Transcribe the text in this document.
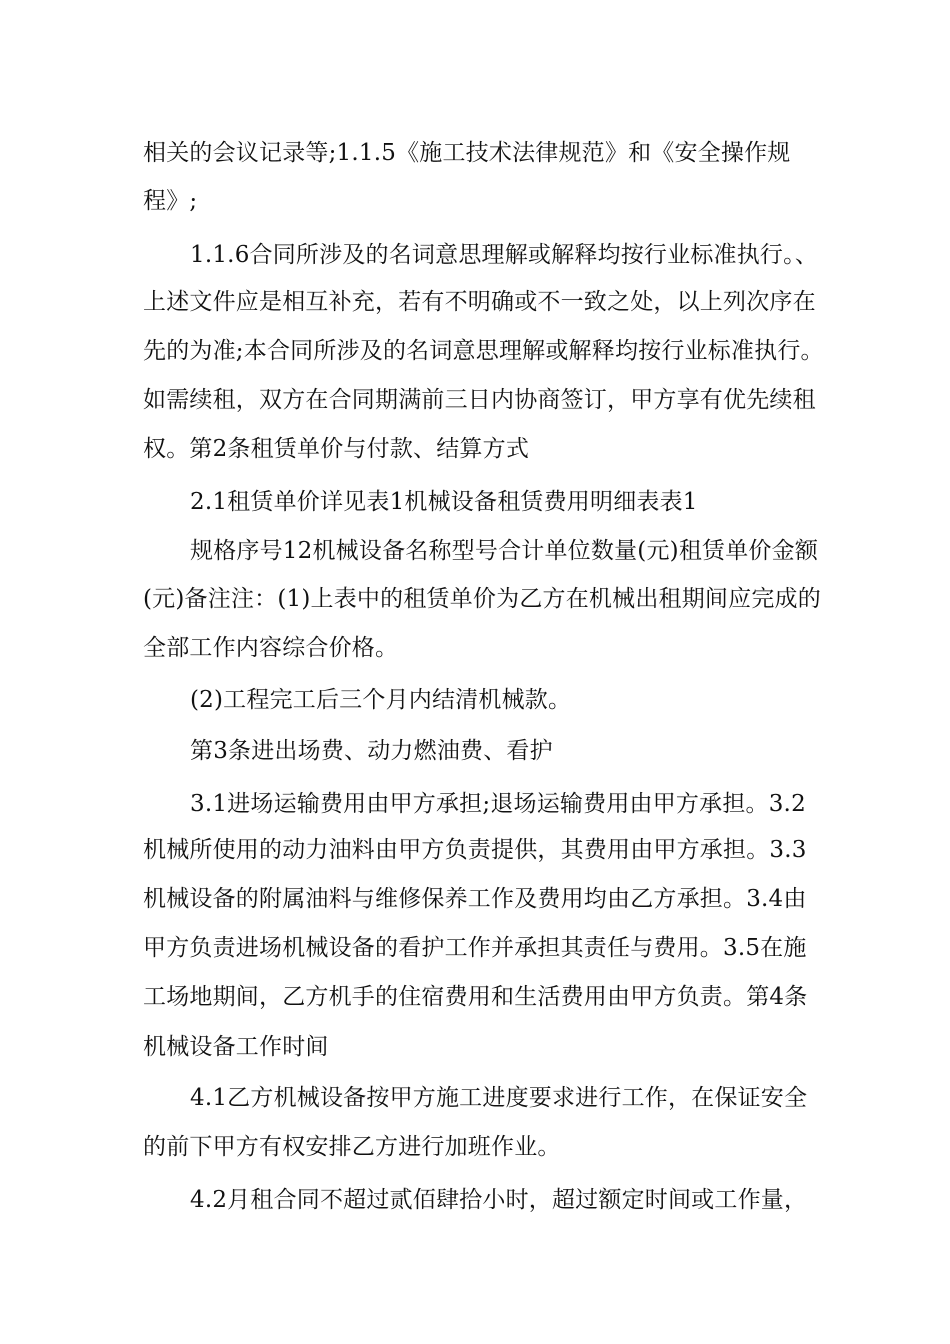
相关的会议记录等;1.1.5《施工技术法律规范》和《安全操作规
程》;
1.1.6合同所涉及的名词意思理解或解释均按行业标准执行。、
上述文件应是相互补充，若有不明确或不一致之处，以上列次序在
先的为准;本合同所涉及的名词意思理解或解释均按行业标准执行。
如需续租，双方在合同期满前三日内协商签订，甲方享有优先续租
权。第2条租赁单价与付款、结算方式
2.1租赁单价详见表1机械设备租赁费用明细表表1
规格序号12机械设备名称型号合计单位数量(元)租赁单价金额
(元)备注注：(1)上表中的租赁单价为乙方在机械出租期间应完成的
全部工作内容综合价格。
(2)工程完工后三个月内结清机械款。
第3条进出场费、动力燃油费、看护
3.1进场运输费用由甲方承担;退场运输费用由甲方承担。3.2
机械所使用的动力油料由甲方负责提供，其费用由甲方承担。3.3
机械设备的附属油料与维修保养工作及费用均由乙方承担。3.4由
甲方负责进场机械设备的看护工作并承担其责任与费用。3.5在施
工场地期间，乙方机手的住宿费用和生活费用由甲方负责。第4条
机械设备工作时间
4.1乙方机械设备按甲方施工进度要求进行工作，在保证安全
的前下甲方有权安排乙方进行加班作业。
4.2月租合同不超过贰佰肆拾小时，超过额定时间或工作量，
